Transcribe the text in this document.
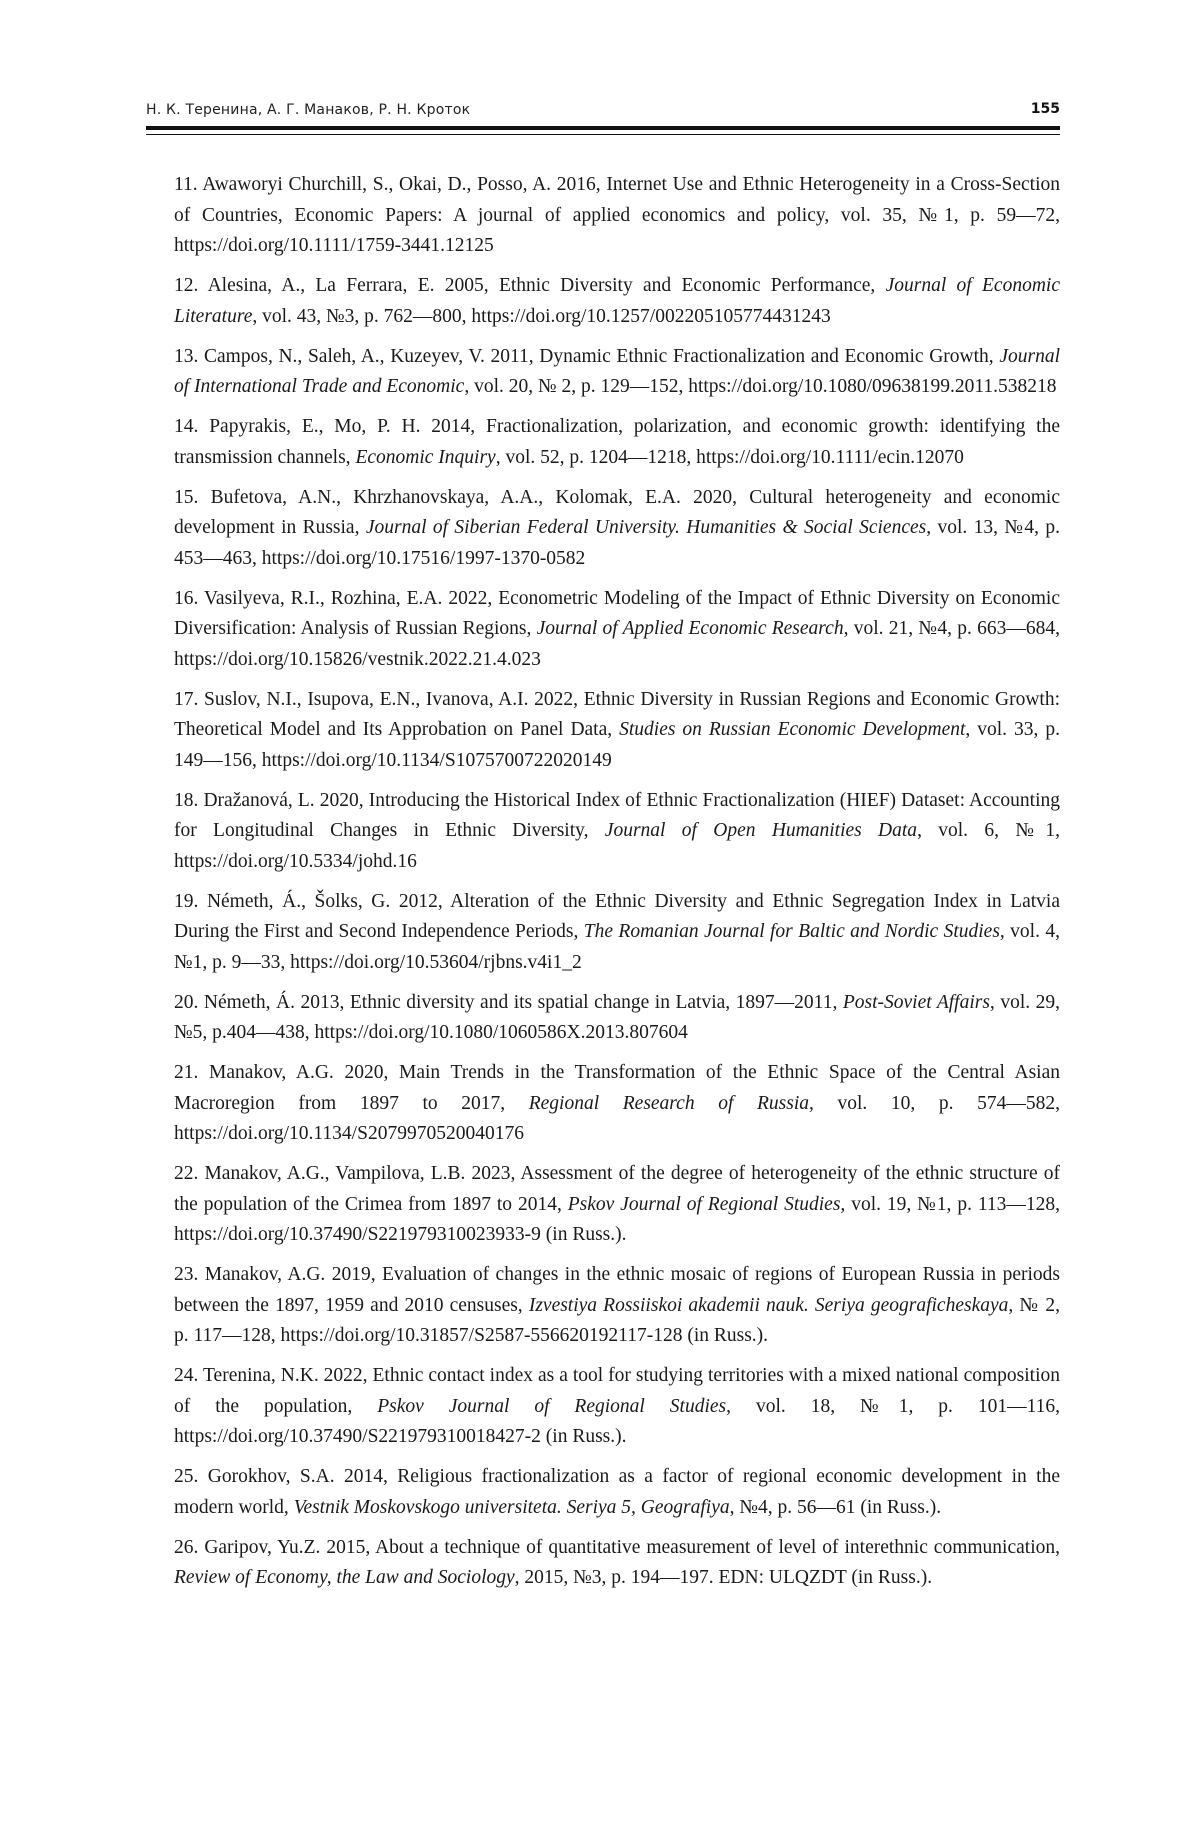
Н. К. Теренина, А. Г. Манаков, Р. Н. Кроток	155

11. Awaworyi Churchill, S., Okai, D., Posso, A. 2016, Internet Use and Ethnic Heterogeneity in a Cross-Section of Countries, Economic Papers: A journal of applied economics and policy, vol. 35, №1, p. 59—72, https://doi.org/10.1111/1759-3441.12125

12. Alesina, A., La Ferrara, E. 2005, Ethnic Diversity and Economic Performance, Journal of Economic Literature, vol. 43, №3, p. 762—800, https://doi.org/10.1257/002205105774431243

13. Campos, N., Saleh, A., Kuzeyev, V. 2011, Dynamic Ethnic Fractionalization and Economic Growth, Journal of International Trade and Economic, vol. 20, № 2, p. 129—152, https://doi.org/10.1080/09638199.2011.538218

14. Papyrakis, E., Mo, P. H. 2014, Fractionalization, polarization, and economic growth: identifying the transmission channels, Economic Inquiry, vol. 52, p. 1204—1218, https://doi.org/10.1111/ecin.12070

15. Bufetova, A.N., Khrzhanovskaya, A.A., Kolomak, E.A. 2020, Cultural heterogeneity and economic development in Russia, Journal of Siberian Federal University. Humanities & Social Sciences, vol. 13, №4, p. 453—463, https://doi.org/10.17516/1997-1370-0582

16. Vasilyeva, R.I., Rozhina, E.A. 2022, Econometric Modeling of the Impact of Ethnic Diversity on Economic Diversification: Analysis of Russian Regions, Journal of Applied Economic Research, vol. 21, №4, p. 663—684, https://doi.org/10.15826/vestnik.2022.21.4.023

17. Suslov, N.I., Isupova, E.N., Ivanova, A.I. 2022, Ethnic Diversity in Russian Regions and Economic Growth: Theoretical Model and Its Approbation on Panel Data, Studies on Russian Economic Development, vol. 33, p. 149—156, https://doi.org/10.1134/S1075700722020149

18. Dražanová, L. 2020, Introducing the Historical Index of Ethnic Fractionalization (HIEF) Dataset: Accounting for Longitudinal Changes in Ethnic Diversity, Journal of Open Humanities Data, vol. 6, №1, https://doi.org/10.5334/johd.16

19. Németh, Á., Šolks, G. 2012, Alteration of the Ethnic Diversity and Ethnic Segregation Index in Latvia During the First and Second Independence Periods, The Romanian Journal for Baltic and Nordic Studies, vol. 4, №1, p. 9—33, https://doi.org/10.53604/rjbns.v4i1_2

20. Németh, Á. 2013, Ethnic diversity and its spatial change in Latvia, 1897—2011, Post-Soviet Affairs, vol. 29, №5, p.404—438, https://doi.org/10.1080/1060586X.2013.807604

21. Manakov, A.G. 2020, Main Trends in the Transformation of the Ethnic Space of the Central Asian Macroregion from 1897 to 2017, Regional Research of Russia, vol. 10, p. 574—582, https://doi.org/10.1134/S2079970520040176

22. Manakov, A.G., Vampilova, L.B. 2023, Assessment of the degree of heterogeneity of the ethnic structure of the population of the Crimea from 1897 to 2014, Pskov Journal of Regional Studies, vol. 19, №1, p. 113—128, https://doi.org/10.37490/S221979310023933-9 (in Russ.).

23. Manakov, A.G. 2019, Evaluation of changes in the ethnic mosaic of regions of European Russia in periods between the 1897, 1959 and 2010 censuses, Izvestiya Rossiiskoi akademii nauk. Seriya geograficheskaya, № 2, p. 117—128, https://doi.org/10.31857/S2587-556620192117-128 (in Russ.).

24. Terenina, N.K. 2022, Ethnic contact index as a tool for studying territories with a mixed national composition of the population, Pskov Journal of Regional Studies, vol. 18, №1, p. 101—116, https://doi.org/10.37490/S221979310018427-2 (in Russ.).

25. Gorokhov, S.A. 2014, Religious fractionalization as a factor of regional economic development in the modern world, Vestnik Moskovskogo universiteta. Seriya 5, Geografiya, №4, p. 56—61 (in Russ.).

26. Garipov, Yu.Z. 2015, About a technique of quantitative measurement of level of interethnic communication, Review of Economy, the Law and Sociology, 2015, №3, p. 194—197. EDN: ULQZDT (in Russ.).
